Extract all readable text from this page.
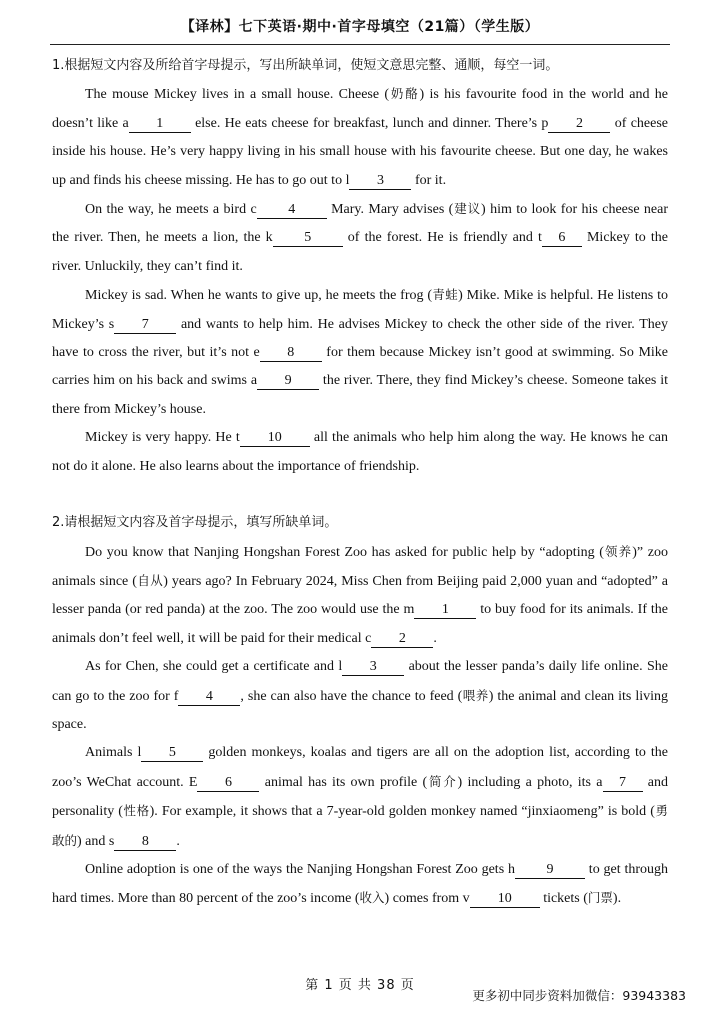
【译林】七下英语·期中·首字母填空（21篇）（学生版）

1.根据短文内容及所给首字母提示，写出所缺单词，使短文意思完整、通顺，每空一词。

The mouse Mickey lives in a small house. Cheese (奶酪) is his favourite food in the world and he doesn’t like a 1 else. He eats cheese for breakfast, lunch and dinner. There’s p 2 of cheese inside his house. He’s very happy living in his small house with his favourite cheese. But one day, he wakes up and finds his cheese missing. He has to go out to l 3 for it.

On the way, he meets a bird c 4 Mary. Mary advises (建议) him to look for his cheese near the river. Then, he meets a lion, the k 5 of the forest. He is friendly and t 6 Mickey to the river. Unluckily, they can’t find it.

Mickey is sad. When he wants to give up, he meets the frog (青蛙) Mike. Mike is helpful. He listens to Mickey’s s 7 and wants to help him. He advises Mickey to check the other side of the river. They have to cross the river, but it’s not e 8 for them because Mickey isn’t good at swimming. So Mike carries him on his back and swims a 9 the river. There, they find Mickey’s cheese. Someone takes it there from Mickey’s house.

Mickey is very happy. He t 10 all the animals who help him along the way. He knows he can not do it alone. He also learns about the importance of friendship.

2.请根据短文内容及首字母提示，填写所缺单词。

Do you know that Nanjing Hongshan Forest Zoo has asked for public help by “adopting (领养)” zoo animals since (自从) years ago? In February 2024, Miss Chen from Beijing paid 2,000 yuan and “adopted” a lesser panda (or red panda) at the zoo. The zoo would use the m 1 to buy food for its animals. If the animals don’t feel well, it will be paid for their medical c 2 .

As for Chen, she could get a certificate and l 3 about the lesser panda’s daily life online. She can go to the zoo for f 4 , she can also have the chance to feed (喂养) the animal and clean its living space.

Animals l 5 golden monkeys, koalas and tigers are all on the adoption list, according to the zoo’s WeChat account. E 6 animal has its own profile (简介) including a photo, its a 7 and personality (性格). For example, it shows that a 7-year-old golden monkey named “jinxiaomeng” is bold (勇敢的) and s 8 .

Online adoption is one of the ways the Nanjing Hongshan Forest Zoo gets h 9 to get through hard times. More than 80 percent of the zoo’s income (收入) comes from v 10 tickets (门票).

第 1 页 共 38 页
更多初中同步资料加微信：93943383
